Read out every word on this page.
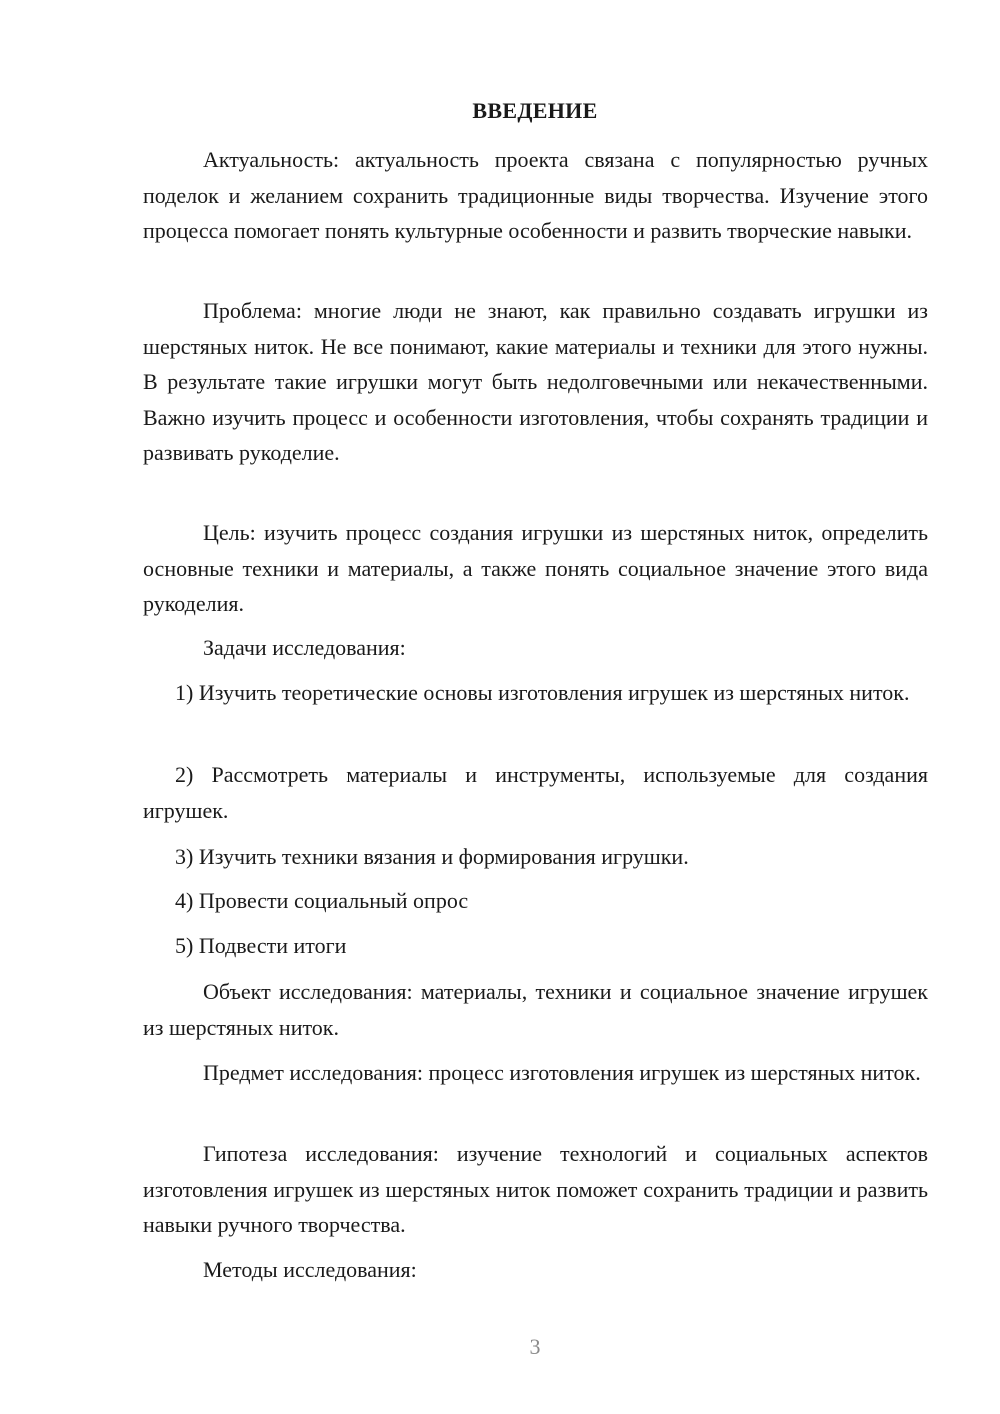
ВВЕДЕНИЕ

Актуальность: актуальность проекта связана с популярностью ручных поделок и желанием сохранить традиционные виды творчества. Изучение этого процесса помогает понять культурные особенности и развить творческие навыки.

Проблема: многие люди не знают, как правильно создавать игрушки из шерстяных ниток. Не все понимают, какие материалы и техники для этого нужны. В результате такие игрушки могут быть недолговечными или некачественными. Важно изучить процесс и особенности изготовления, чтобы сохранять традиции и развивать рукоделие.

Цель: изучить процесс создания игрушки из шерстяных ниток, определить основные техники и материалы, а также понять социальное значение этого вида рукоделия.

Задачи исследования:

1) Изучить теоретические основы изготовления игрушек из шерстяных ниток.

2) Рассмотреть материалы и инструменты, используемые для создания игрушек.

3) Изучить техники вязания и формирования игрушки.

4) Провести социальный опрос

5) Подвести итоги

Объект исследования: материалы, техники и социальное значение игрушек из шерстяных ниток.

Предмет исследования: процесс изготовления игрушек из шерстяных ниток.

Гипотеза исследования: изучение технологий и социальных аспектов изготовления игрушек из шерстяных ниток поможет сохранить традиции и развить навыки ручного творчества.

Методы исследования:

3
